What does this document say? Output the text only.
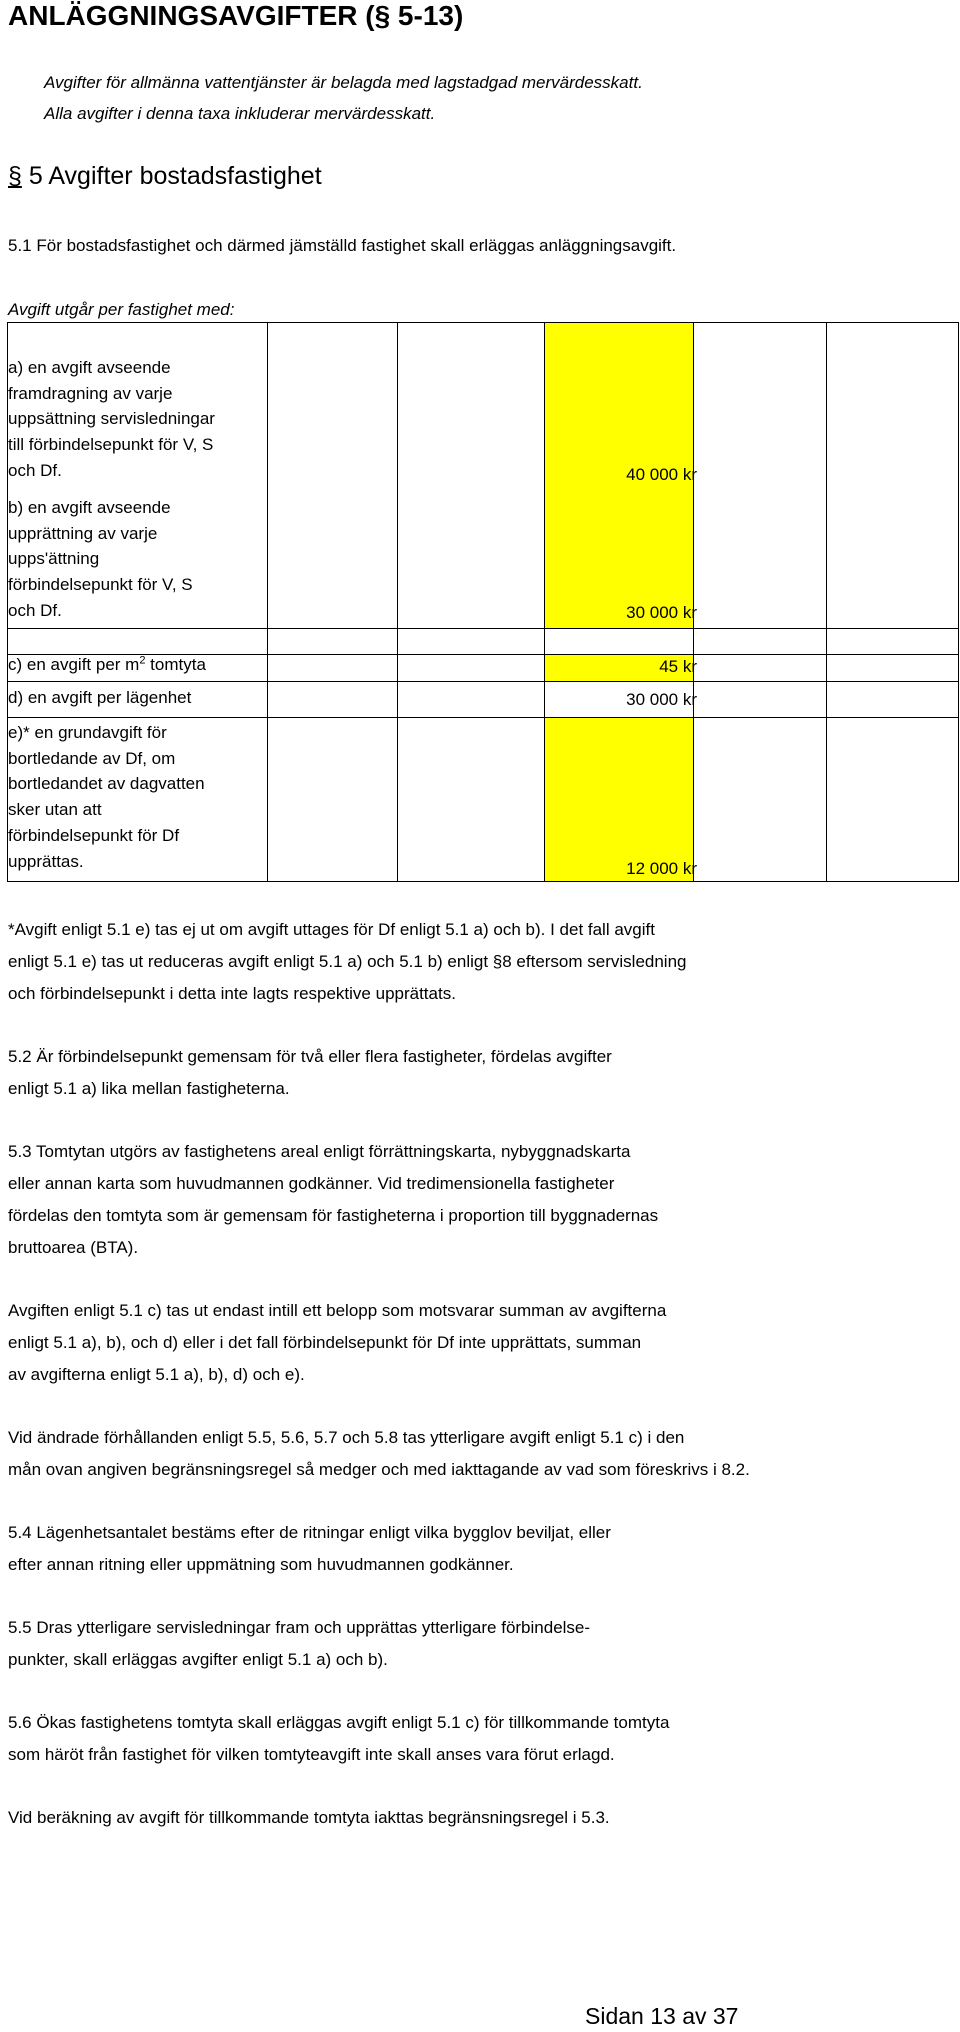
ANLÄGGNINGSAVGIFTER (§ 5-13)
Avgifter för allmänna vattentjänster är belagda med lagstadgad mervärdesskatt.
Alla avgifter i denna taxa inkluderar mervärdesskatt.
§ 5 Avgifter bostadsfastighet
5.1 För bostadsfastighet och därmed jämställd fastighet skall erläggas anläggningsavgift.
Avgift utgår per fastighet med:
a) en avgift avseende
framdragning av varje
uppsättning servisledningar
till förbindelsepunkt för V, S
och Df.	40 000 kr
b) en avgift avseende
upprättning av varje
upps'ättning
förbindelsepunkt för V, S
och Df.	30 000 kr
c) en avgift per $m^2$ tomtyta	45 kr
d) en avgift per lägenhet	30 000 kr
e)* en grundavgift för
bortledande av Df, om
bortledandet av dagvatten
sker utan att
förbindelsepunkt för Df
upprättas.	12 000 kr
*Avgift enligt 5.1 e) tas ej ut om avgift uttages för Df enligt 5.1 a) och b). I det fall avgift
enligt 5.1 e) tas ut reduceras avgift enligt 5.1 a) och 5.1 b) enligt §8 eftersom servisledning
och förbindelsepunkt i detta inte lagts respektive upprättats.
5.2 Är förbindelsepunkt gemensam för två eller flera fastigheter, fördelas avgifter
enligt 5.1 a) lika mellan fastigheterna.
5.3 Tomtytan utgörs av fastighetens areal enligt förrättningskarta, nybyggnadskarta
eller annan karta som huvudmannen godkänner. Vid tredimensionella fastigheter
fördelas den tomtyta som är gemensam för fastigheterna i proportion till byggnadernas
bruttoarea (BTA).
Avgiften enligt 5.1 c) tas ut endast intill ett belopp som motsvarar summan av avgifterna
enligt 5.1 a), b), och d) eller i det fall förbindelsepunkt för Df inte upprättats, summan
av avgifterna enligt 5.1 a), b), d) och e).
Vid ändrade förhållanden enligt 5.5, 5.6, 5.7 och 5.8 tas ytterligare avgift enligt 5.1 c) i den
mån ovan angiven begränsningsregel så medger och med iakttagande av vad som föreskrivs i 8.2.
5.4 Lägenhetsantalet bestäms efter de ritningar enligt vilka bygglov beviljat, eller
efter annan ritning eller uppmätning som huvudmannen godkänner.
5.5 Dras ytterligare servisledningar fram och upprättas ytterligare förbindelse-
punkter, skall erläggas avgifter enligt 5.1 a) och b).
5.6 Ökas fastighetens tomtyta skall erläggas avgift enligt 5.1 c) för tillkommande tomtyta
som häröt från fastighet för vilken tomtyteavgift inte skall anses vara förut erlagd.
Vid beräkning av avgift för tillkommande tomtyta iakttas begränsningsregel i 5.3.
Sidan 13 av 37
